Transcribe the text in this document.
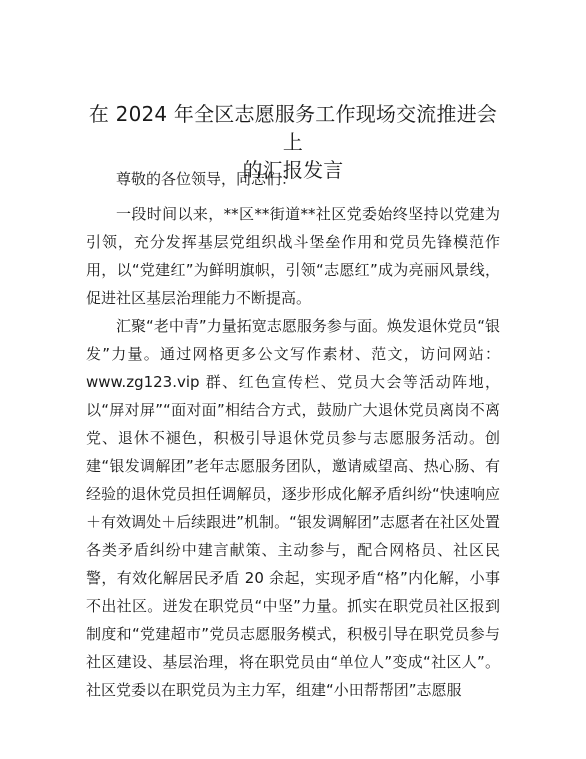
在 2024 年全区志愿服务工作现场交流推进会上
的汇报发言

尊敬的各位领导，同志们：

一段时间以来，**区**街道**社区党委始终坚持以党建为引领，充分发挥基层党组织战斗堡垒作用和党员先锋模范作用，以“党建红”为鲜明旗帜，引领“志愿红”成为亮丽风景线，促进社区基层治理能力不断提高。

汇聚“老中青”力量拓宽志愿服务参与面。焕发退休党员“银发”力量。通过网格更多公文写作素材、范文，访问网站：www.zg123.vip 群、红色宣传栏、党员大会等活动阵地，以“屏对屏”“面对面”相结合方式，鼓励广大退休党员离岗不离党、退休不褪色，积极引导退休党员参与志愿服务活动。创建“银发调解团”老年志愿服务团队，邀请威望高、热心肠、有经验的退休党员担任调解员，逐步形成化解矛盾纠纷“快速响应＋有效调处＋后续跟进”机制。“银发调解团”志愿者在社区处置各类矛盾纠纷中建言献策、主动参与，配合网格员、社区民警，有效化解居民矛盾 20 余起，实现矛盾“格”内化解，小事不出社区。迸发在职党员“中坚”力量。抓实在职党员社区报到制度和“党建超市”党员志愿服务模式，积极引导在职党员参与社区建设、基层治理，将在职党员由“单位人”变成“社区人”。社区党委以在职党员为主力军，组建“小田帮帮团”志愿服
